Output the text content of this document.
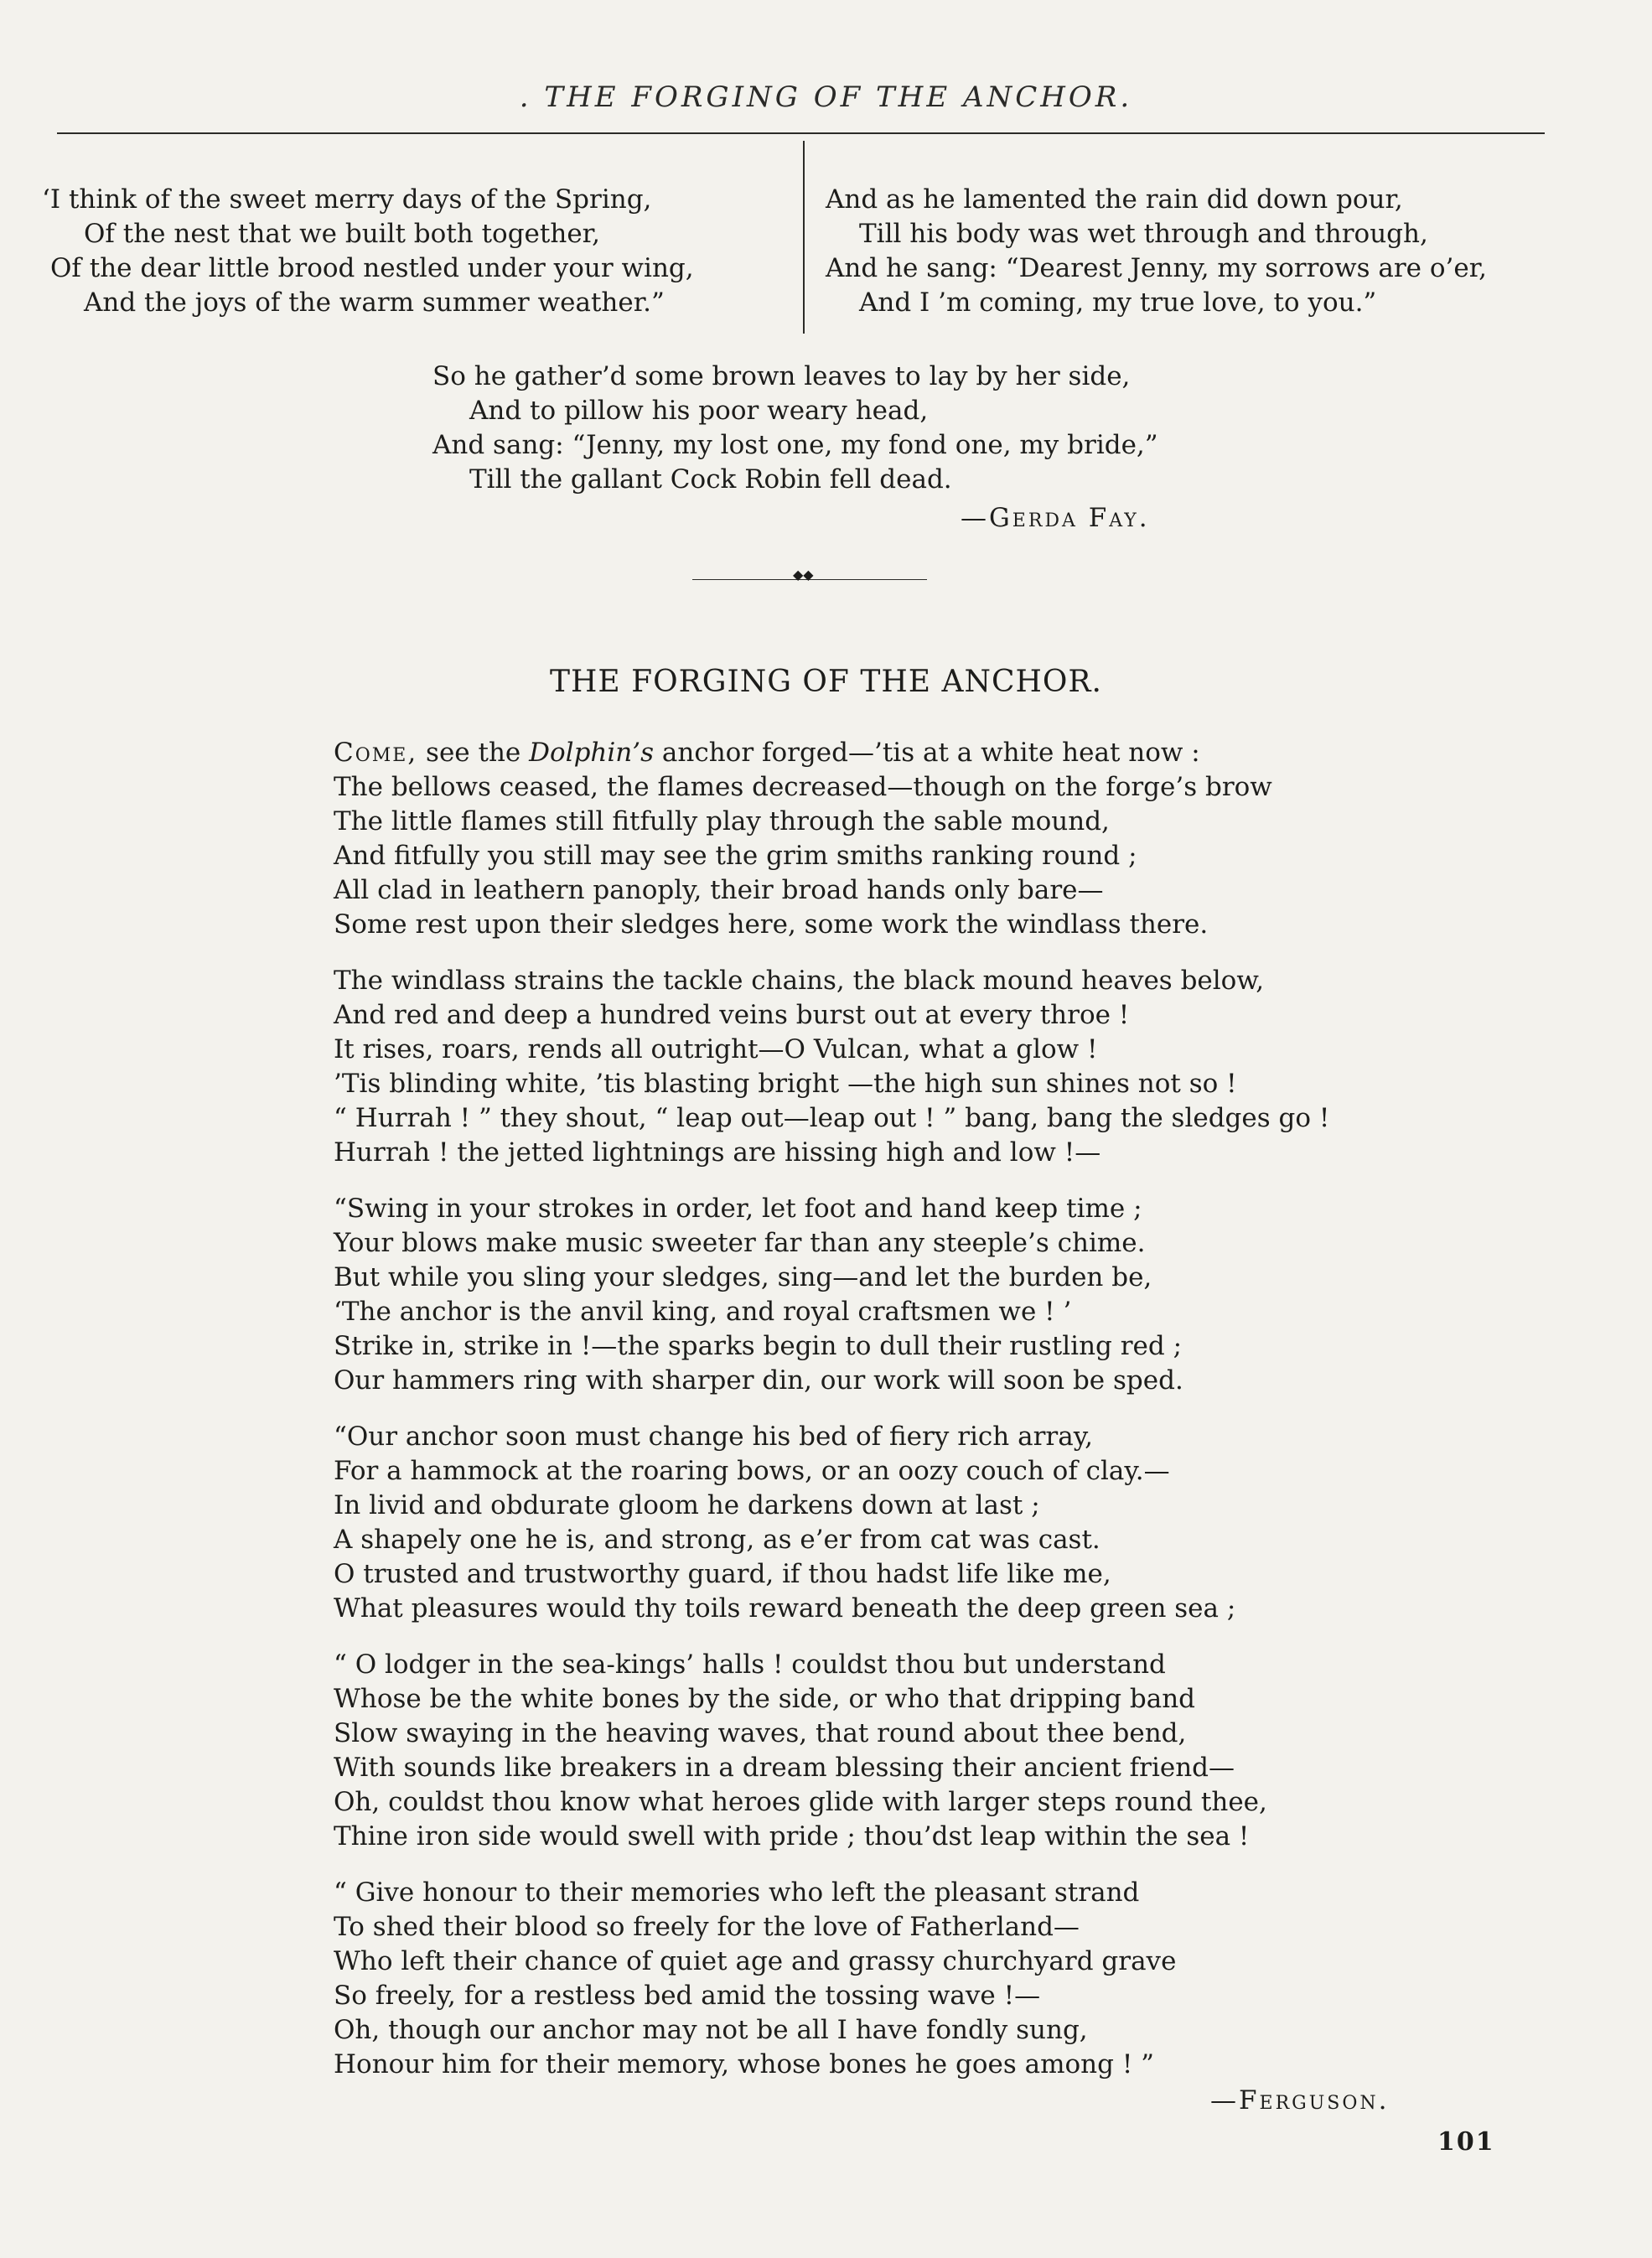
. THE FORGING OF THE ANCHOR.
‘I think of the sweet merry days of the Spring,
Of the nest that we built both together,
Of the dear little brood nestled under your wing,
And the joys of the warm summer weather.”
And as he lamented the rain did down pour,
Till his body was wet through and through,
And he sang: “Dearest Jenny, my sorrows are o’er,
And I ’m coming, my true love, to you.”
So he gather’d some brown leaves to lay by her side,
And to pillow his poor weary head,
And sang: “Jenny, my lost one, my fond one, my bride,”
Till the gallant Cock Robin fell dead.
—Gerda Fay.
◆◆
THE FORGING OF THE ANCHOR.
Come, see the Dolphin’s anchor forged—’tis at a white heat now :
The bellows ceased, the flames decreased—though on the forge’s brow
The little flames still fitfully play through the sable mound,
And fitfully you still may see the grim smiths ranking round ;
All clad in leathern panoply, their broad hands only bare—
Some rest upon their sledges here, some work the windlass there.
The windlass strains the tackle chains, the black mound heaves below,
And red and deep a hundred veins burst out at every throe !
It rises, roars, rends all outright—O Vulcan, what a glow !
’Tis blinding white, ’tis blasting bright —the high sun shines not so !
“ Hurrah ! ” they shout, “ leap out—leap out ! ” bang, bang the sledges go !
Hurrah ! the jetted lightnings are hissing high and low !—
“Swing in your strokes in order, let foot and hand keep time ;
Your blows make music sweeter far than any steeple’s chime.
But while you sling your sledges, sing—and let the burden be,
‘The anchor is the anvil king, and royal craftsmen we ! ’
Strike in, strike in !—the sparks begin to dull their rustling red ;
Our hammers ring with sharper din, our work will soon be sped.
“Our anchor soon must change his bed of fiery rich array,
For a hammock at the roaring bows, or an oozy couch of clay.—
In livid and obdurate gloom he darkens down at last ;
A shapely one he is, and strong, as e’er from cat was cast.
O trusted and trustworthy guard, if thou hadst life like me,
What pleasures would thy toils reward beneath the deep green sea ;
“ O lodger in the sea-kings’ halls ! couldst thou but understand
Whose be the white bones by the side, or who that dripping band
Slow swaying in the heaving waves, that round about thee bend,
With sounds like breakers in a dream blessing their ancient friend—
Oh, couldst thou know what heroes glide with larger steps round thee,
Thine iron side would swell with pride ; thou’dst leap within the sea !
“ Give honour to their memories who left the pleasant strand
To shed their blood so freely for the love of Fatherland—
Who left their chance of quiet age and grassy churchyard grave
So freely, for a restless bed amid the tossing wave !—
Oh, though our anchor may not be all I have fondly sung,
Honour him for their memory, whose bones he goes among ! ”
—Ferguson.
101
